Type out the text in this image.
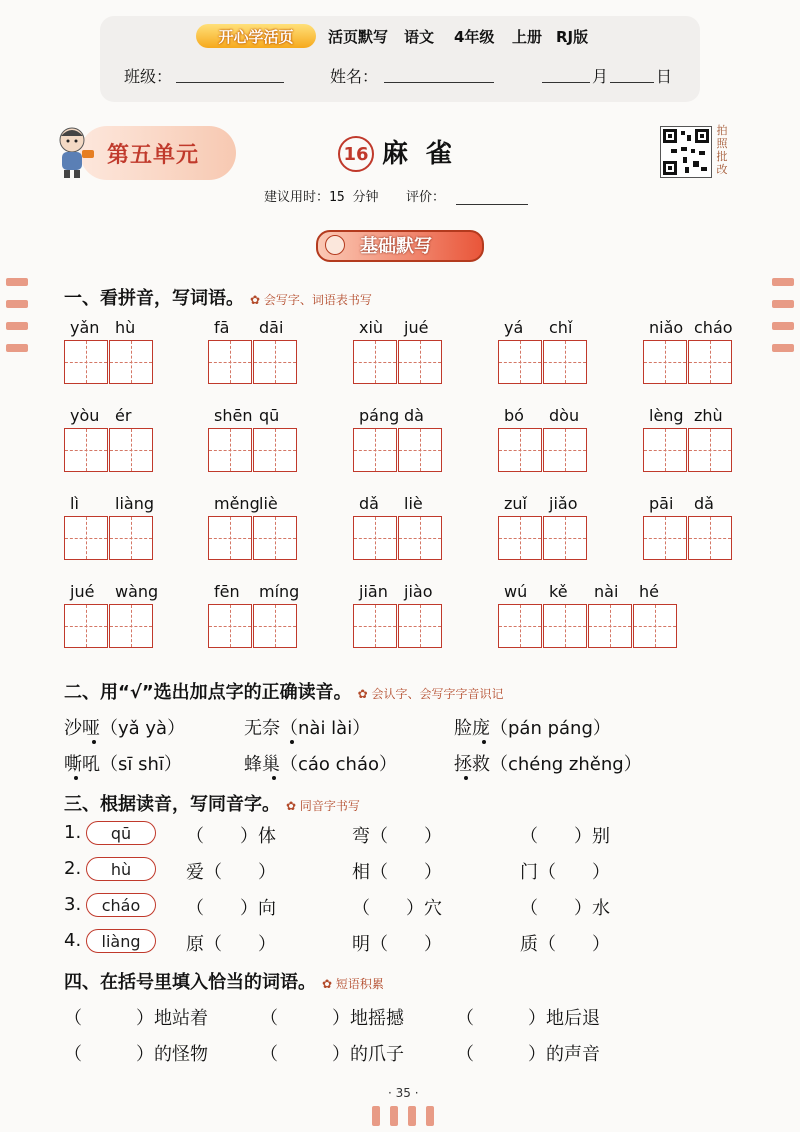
开心学活页	活页默写 语文 4年级 上册 RJ版
班级：	姓名：	月	日
第五单元	16 麻雀
拍照批改
建议用时：15 分钟 评价：
基础默写
一、看拼音，写词语。 ✿ 会写字、词语表书写
yǎn hù	fā dāi	xiù jué	yá chǐ	niǎo cháo
yòu ér	shēn qū	páng dà	bó dòu	lèng zhù
lì liàng	měng liè	dǎ liè	zuǐ jiǎo	pāi dǎ
jué wàng	fēn míng	jiān jiào	wú kě nài hé
二、用“√”选出加点字的正确读音。 ✿ 会认字、会写字字音识记
沙哑（yǎ yà）	无奈（nài lài）	脸庞（pán páng）
嘶吼（sī shī）	蜂巢（cáo cháo）	拯救（chéng zhěng）
三、根据读音，写同音字。 ✿ 同音字书写
1.	qū	（　　）体	弯（　　）	（　　）别
2.	hù	爱（　　）	相（　　）	门（　　）
3.	cháo	（　　）向	（　　）穴	（　　）水
4.	liàng	原（　　）	明（　　）	质（　　）
四、在括号里填入恰当的词语。 ✿ 短语积累
（　　　）地站着	（　　　）地摇撼	（　　　）地后退
（　　　）的怪物	（　　　）的爪子	（　　　）的声音
· 35 ·
